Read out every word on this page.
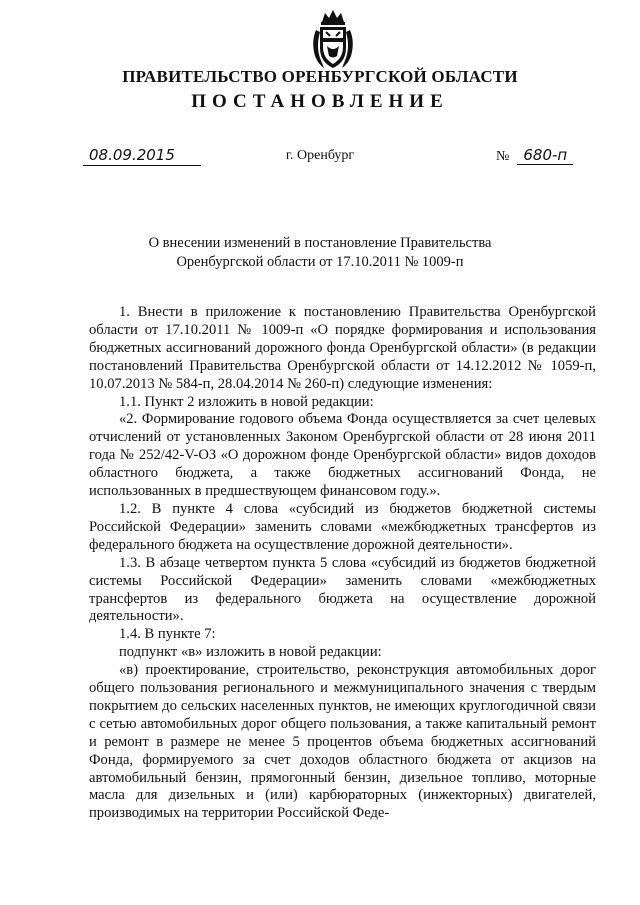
ПРАВИТЕЛЬСТВО ОРЕНБУРГСКОЙ ОБЛАСТИ
ПОСТАНОВЛЕНИЕ
08.09.2015	г. Оренбург	№ 680-п
О внесении изменений в постановление Правительства
Оренбургской области от 17.10.2011 № 1009-п

1. Внести в приложение к постановлению Правительства Оренбургской области от 17.10.2011 № 1009-п «О порядке формирования и использования бюджетных ассигнований дорожного фонда Оренбургской области» (в редакции постановлений Правительства Оренбургской области от 14.12.2012 № 1059-п, 10.07.2013 № 584-п, 28.04.2014 № 260-п) следующие изменения:

1.1. Пункт 2 изложить в новой редакции:

«2. Формирование годового объема Фонда осуществляется за счет целевых отчислений от установленных Законом Оренбургской области от 28 июня 2011 года № 252/42-V-ОЗ «О дорожном фонде Оренбургской области» видов доходов областного бюджета, а также бюджетных ассигнований Фонда, не использованных в предшествующем финансовом году.».

1.2. В пункте 4 слова «субсидий из бюджетов бюджетной системы Российской Федерации» заменить словами «межбюджетных трансфертов из федерального бюджета на осуществление дорожной деятельности».

1.3. В абзаце четвертом пункта 5 слова «субсидий из бюджетов бюджетной системы Российской Федерации» заменить словами «межбюджетных трансфертов из федерального бюджета на осуществление дорожной деятельности».

1.4. В пункте 7:

подпункт «в» изложить в новой редакции:

«в) проектирование, строительство, реконструкция автомобильных дорог общего пользования регионального и межмуниципального значения с твердым покрытием до сельских населенных пунктов, не имеющих круглогодичной связи с сетью автомобильных дорог общего пользования, а также капитальный ремонт и ремонт в размере не менее 5 процентов объема бюджетных ассигнований Фонда, формируемого за счет доходов областного бюджета от акцизов на автомобильный бензин, прямогонный бензин, дизельное топливо, моторные масла для дизельных и (или) карбюраторных (инжекторных) двигателей, производимых на территории Российской Феде-
